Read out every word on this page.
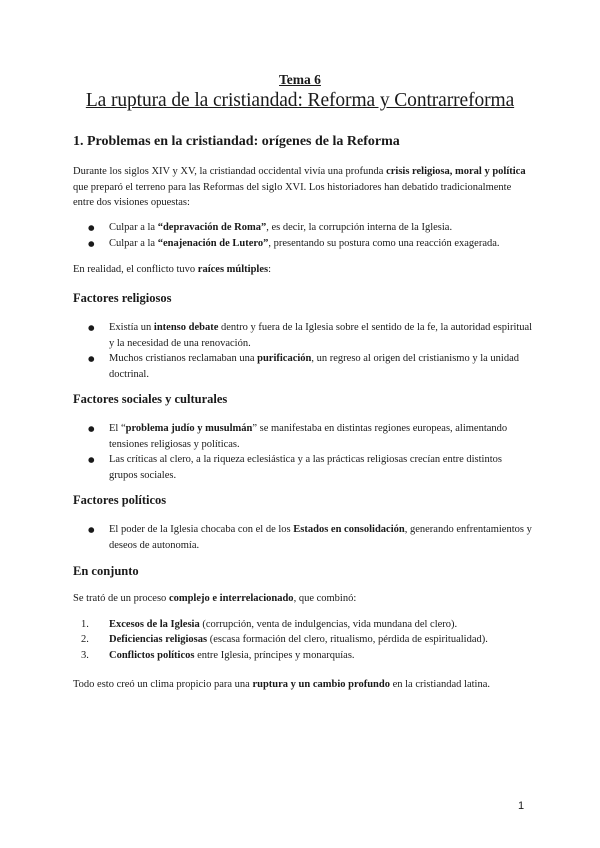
Tema 6
La ruptura de la cristiandad: Reforma y Contrarreforma
1. Problemas en la cristiandad: orígenes de la Reforma

Durante los siglos XIV y XV, la cristiandad occidental vivía una profunda crisis religiosa, moral y política que preparó el terreno para las Reformas del siglo XVI. Los historiadores han debatido tradicionalmente entre dos visiones opuestas:

● Culpar a la “depravación de Roma”, es decir, la corrupción interna de la Iglesia.
● Culpar a la “enajenación de Lutero”, presentando su postura como una reacción exagerada.

En realidad, el conflicto tuvo raíces múltiples:

Factores religiosos
● Existía un intenso debate dentro y fuera de la Iglesia sobre el sentido de la fe, la autoridad espiritual y la necesidad de una renovación.
● Muchos cristianos reclamaban una purificación, un regreso al origen del cristianismo y la unidad doctrinal.
Factores sociales y culturales
● El “problema judío y musulmán” se manifestaba en distintas regiones europeas, alimentando tensiones religiosas y políticas.
● Las críticas al clero, a la riqueza eclesiástica y a las prácticas religiosas crecían entre distintos grupos sociales.
Factores políticos
● El poder de la Iglesia chocaba con el de los Estados en consolidación, generando enfrentamientos y deseos de autonomía.
En conjunto

Se trató de un proceso complejo e interrelacionado, que combinó:

1. Excesos de la Iglesia (corrupción, venta de indulgencias, vida mundana del clero).
2. Deficiencias religiosas (escasa formación del clero, ritualismo, pérdida de espiritualidad).
3. Conflictos políticos entre Iglesia, príncipes y monarquías.

Todo esto creó un clima propicio para una ruptura y un cambio profundo en la cristiandad latina.

1
